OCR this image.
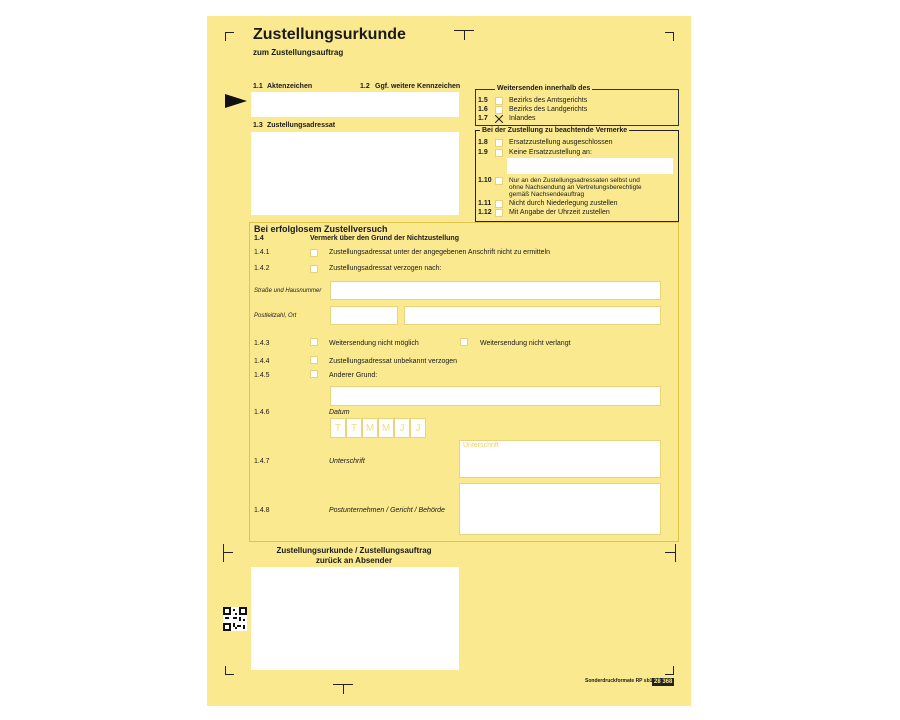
Zustellungsurkunde
zum Zustellungsauftrag
1.1 Aktenzeichen	1.2 Ggf. weitere Kennzeichen
1.3 Zustellungsadressat
Weitersenden innerhalb des
1.5	Bezirks des Amtsgerichts
1.6	Bezirks des Landgerichts
1.7	Inlandes
Bei der Zustellung zu beachtende Vermerke
1.8	Ersatzzustellung ausgeschlossen
1.9	Keine Ersatzzustellung an:
1.10	Nur an den Zustellungsadressaten selbst und
ohne Nachsendung an Vertretungsberechtigte
gemäß Nachsendeauftrag
1.11	Nicht durch Niederlegung zustellen
1.12 Mit Angabe der Uhrzeit zustellen
Bei erfolglosem Zustellversuch
1.4	Vermerk über den Grund der Nichtzustellung
1.4.1	Zustellungsadressat unter der angegebenen Anschrift nicht zu ermitteln
1.4.2	Zustellungsadressat verzogen nach:
Straße und Hausnummer
Postleitzahl, Ort
1.4.3	Weitersendung nicht möglich	Weitersendung nicht verlangt
1.4.4	Zustellungsadressat unbekannt verzogen
1.4.5	Anderer Grund:
1.4.6	Datum
T T M M J	J
1.4.7	Unterschrift
Unterschrift
1.4.8	Postunternehmen / Gericht / Behörde
Zustellungsurkunde / Zustellungsauftrag
zurück an Absender
Sonderdruckformate RP sb1 28 368
